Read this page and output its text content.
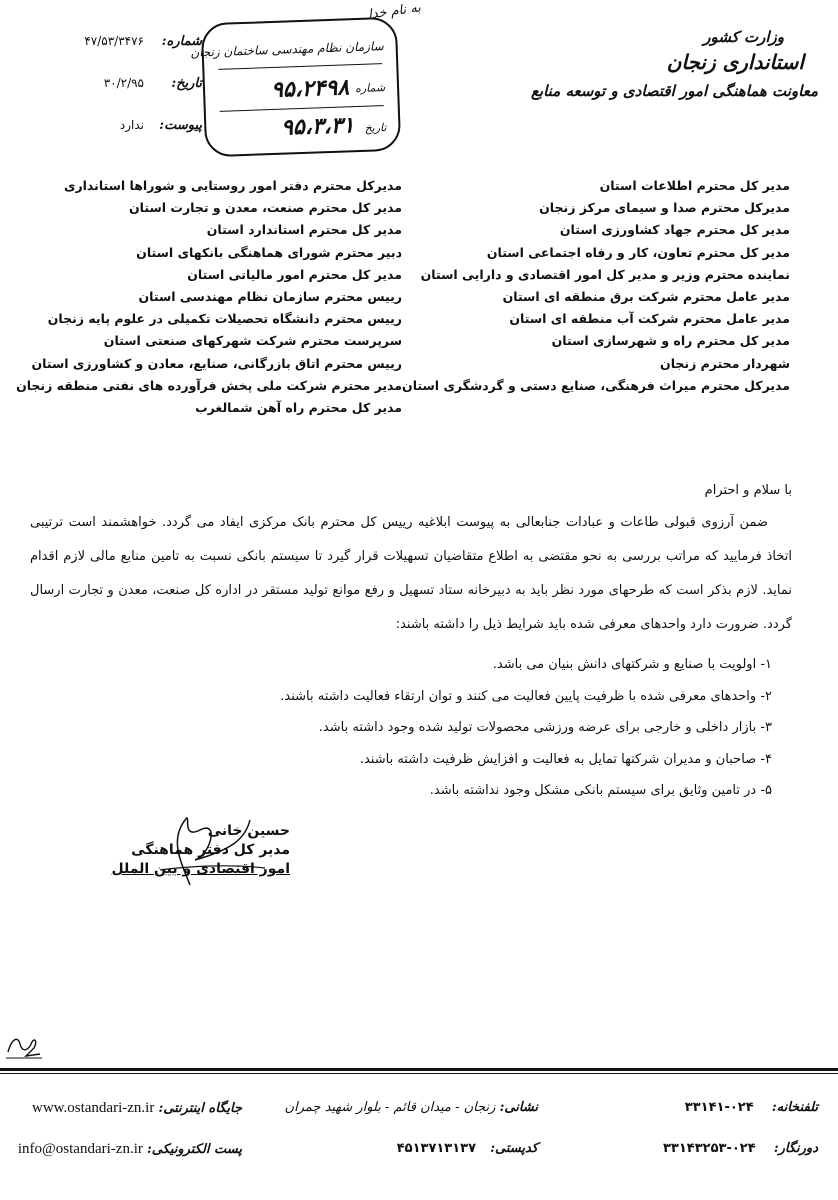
وزارت کشور
استانداری زنجان
معاونت هماهنگی امور اقتصادی و توسعه منابع
شماره:
۴۷/۵۳/۳۴۷۶
تاریخ:
۳۰/۲/۹۵
پیوست:
ندارد
به نام خدا
سازمان نظام مهندسی ساختمان زنجان
شماره
۹۵،۲۴۹۸
تاریخ
۹۵،۳،۳۱
مدیر کل محترم اطلاعات استان
مدیرکل محترم صدا و سیمای مرکز زنجان
مدیر کل محترم جهاد کشاورزی استان
مدیر کل محترم تعاون، کار و رفاه اجتماعی استان
نماینده محترم وزیر و مدیر کل امور اقتصادی و دارایی استان
مدیر عامل محترم شرکت برق منطقه ای استان
مدیر عامل محترم شرکت آب منطقه ای استان
مدیر کل محترم راه و شهرسازی استان
شهردار محترم زنجان
مدیرکل محترم میراث فرهنگی، صنایع دستی و گردشگری استان
مدیرکل محترم دفتر امور روستایی و شوراها استانداری
مدیر کل محترم صنعت، معدن و تجارت استان
مدیر کل محترم استاندارد استان
دبیر محترم شورای هماهنگی بانکهای استان
مدیر کل محترم امور مالیاتی استان
رییس محترم سازمان نظام مهندسی استان
رییس محترم دانشگاه تحصیلات تکمیلی در علوم پایه زنجان
سرپرست محترم شرکت شهرکهای صنعتی استان
رییس محترم اتاق بازرگانی، صنایع، معادن و کشاورزی استان
مدیر محترم شرکت ملی پخش فرآورده های نفتی منطقه زنجان
مدیر کل محترم راه آهن شمالغرب
با سلام و احترام

ضمن آرزوی قبولی طاعات و عبادات جنابعالی به پیوست ابلاغیه رییس کل محترم بانک مرکزی ایفاد می گردد. خواهشمند است ترتیبی اتخاذ فرمایید که مراتب بررسی به نحو مقتضی به اطلاع متقاضیان تسهیلات قرار گیرد تا سیستم بانکی نسبت به تامین منابع مالی لازم اقدام نماید. لازم بذکر است که طرحهای مورد نظر باید به دبیرخانه ستاد تسهیل و رفع موانع تولید مستقر در اداره کل صنعت، معدن و تجارت ارسال گردد. ضرورت دارد واحدهای معرفی شده باید شرایط ذیل را داشته باشند:

۱- اولویت با صنایع و شرکتهای دانش بنیان می باشد.
۲- واحدهای معرفی شده با ظرفیت پایین فعالیت می کنند و توان ارتقاء فعالیت داشته باشند.
۳- بازار داخلی و خارجی برای عرضه ورزشی محصولات تولید شده وجود داشته باشد.
۴- صاحبان و مدیران شرکتها تمایل به فعالیت و افزایش ظرفیت داشته باشند.
۵- در تامین وثایق برای سیستم بانکی مشکل وجود نداشته باشد.
حسین خانی
مدیر کل دفتر هماهنگی
امور اقتصادی و بین الملل
تلفنخانه: ۰۲۴-۳۳۱۴۱
دورنگار: ۰۲۴-۳۳۱۴۳۲۵۳
نشانی: زنجان - میدان قائم - بلوار شهید چمران
کدپستی: ۴۵۱۳۷۱۳۱۳۷
جایگاه اینترنتی: www.ostandari-zn.ir
پست الکترونیکی: info@ostandari-zn.ir
